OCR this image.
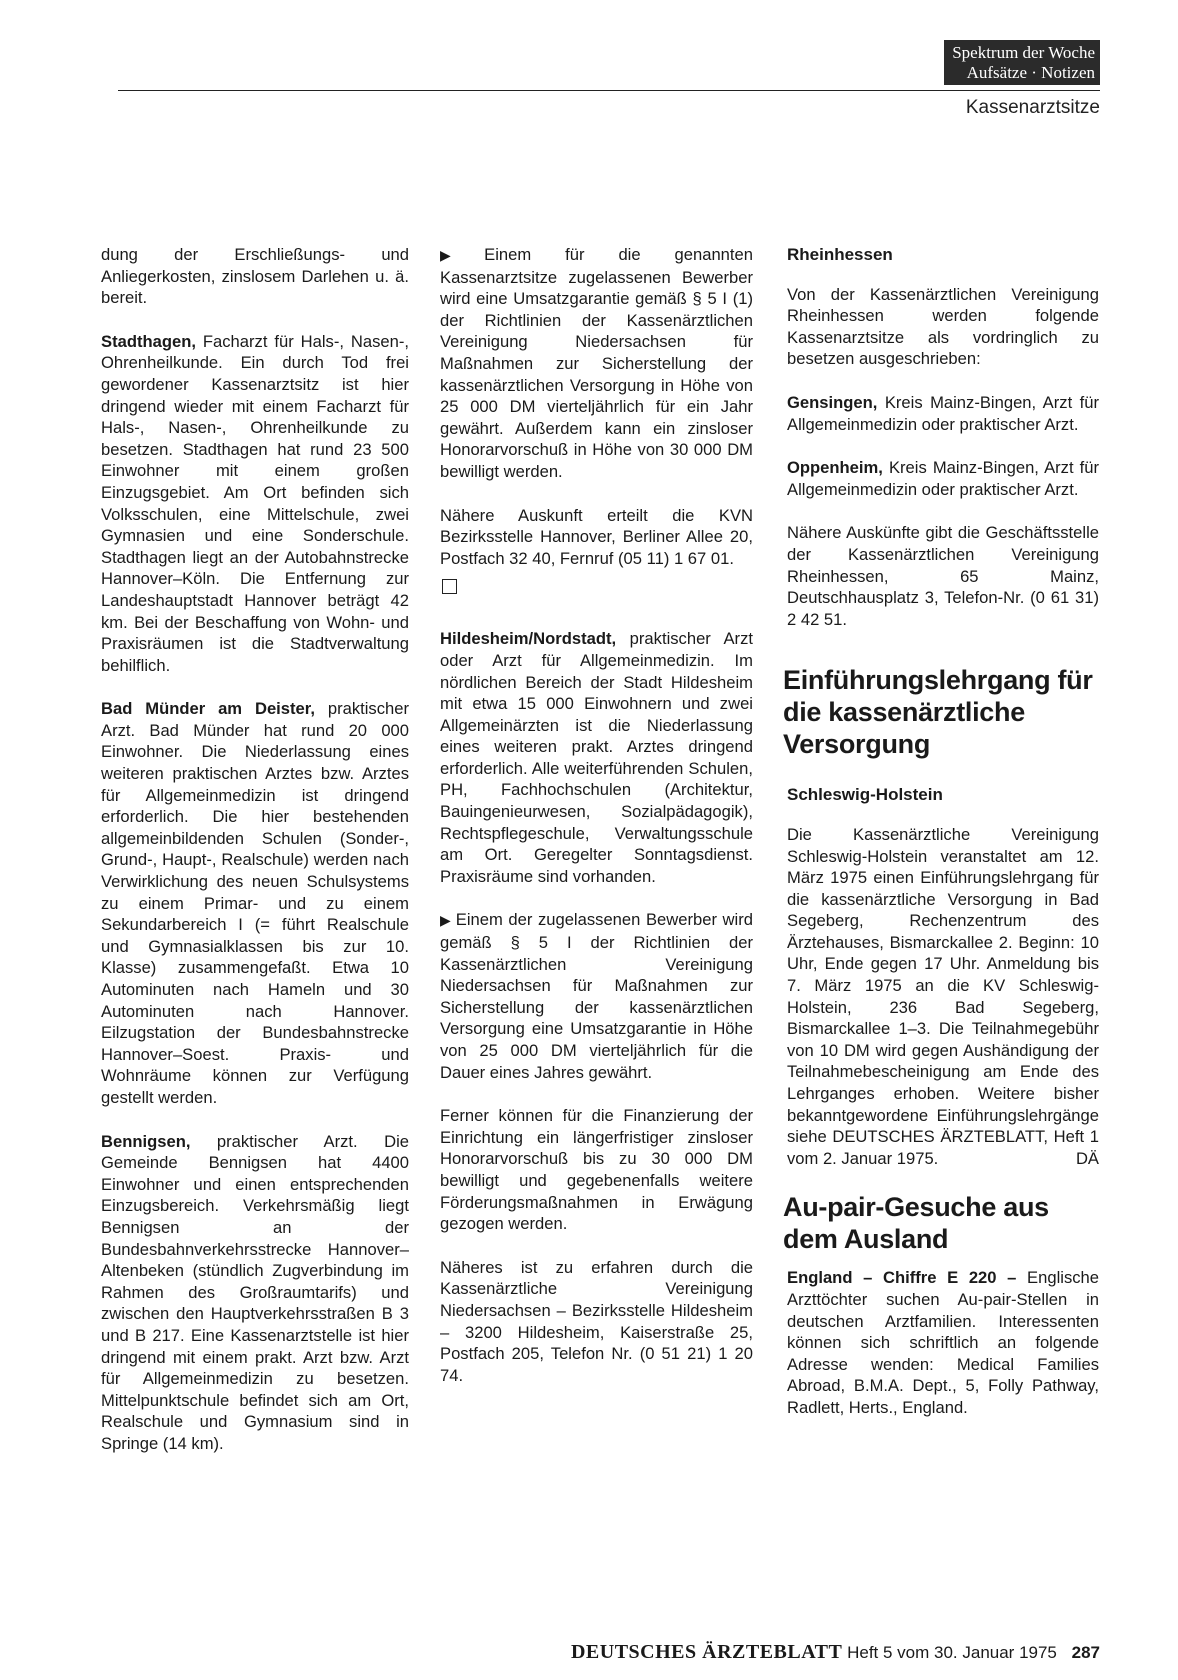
Spektrum der Woche
Aufsätze · Notizen
Kassenarztsitze

dung der Erschließungs- und Anliegerkosten, zinslosem Darlehen u. ä. bereit.

Stadthagen, Facharzt für Hals-, Nasen-, Ohrenheilkunde. Ein durch Tod frei gewordener Kassenarztsitz ist hier dringend wieder mit einem Facharzt für Hals-, Nasen-, Ohrenheilkunde zu besetzen. Stadthagen hat rund 23 500 Einwohner mit einem großen Einzugsgebiet. Am Ort befinden sich Volksschulen, eine Mittelschule, zwei Gymnasien und eine Sonderschule. Stadthagen liegt an der Autobahnstrecke Hannover–Köln. Die Entfernung zur Landeshauptstadt Hannover beträgt 42 km. Bei der Beschaffung von Wohn- und Praxisräumen ist die Stadtverwaltung behilflich.

Bad Münder am Deister, praktischer Arzt. Bad Münder hat rund 20 000 Einwohner. Die Niederlassung eines weiteren praktischen Arztes bzw. Arztes für Allgemeinmedizin ist dringend erforderlich. Die hier bestehenden allgemeinbildenden Schulen (Sonder-, Grund-, Haupt-, Realschule) werden nach Verwirklichung des neuen Schulsystems zu einem Primar- und zu einem Sekundarbereich I (= führt Realschule und Gymnasialklassen bis zur 10. Klasse) zusammengefaßt. Etwa 10 Autominuten nach Hameln und 30 Autominuten nach Hannover. Eilzugstation der Bundesbahnstrecke Hannover–Soest. Praxis- und Wohnräume können zur Verfügung gestellt werden.

Bennigsen, praktischer Arzt. Die Gemeinde Bennigsen hat 4400 Einwohner und einen entsprechenden Einzugsbereich. Verkehrsmäßig liegt Bennigsen an der Bundesbahnverkehrsstrecke Hannover–Altenbeken (stündlich Zugverbindung im Rahmen des Großraumtarifs) und zwischen den Hauptverkehrsstraßen B 3 und B 217. Eine Kassenarztstelle ist hier dringend mit einem prakt. Arzt bzw. Arzt für Allgemeinmedizin zu besetzen. Mittelpunktschule befindet sich am Ort, Realschule und Gymnasium sind in Springe (14 km).

▶ Einem für die genannten Kassenarztsitze zugelassenen Bewerber wird eine Umsatzgarantie gemäß § 5 I (1) der Richtlinien der Kassenärztlichen Vereinigung Niedersachsen für Maßnahmen zur Sicherstellung der kassenärztlichen Versorgung in Höhe von 25 000 DM vierteljährlich für ein Jahr gewährt. Außerdem kann ein zinsloser Honorarvorschuß in Höhe von 30 000 DM bewilligt werden.

Nähere Auskunft erteilt die KVN Bezirksstelle Hannover, Berliner Allee 20, Postfach 32 40, Fernruf (05 11) 1 67 01.

Hildesheim/Nordstadt, praktischer Arzt oder Arzt für Allgemeinmedizin. Im nördlichen Bereich der Stadt Hildesheim mit etwa 15 000 Einwohnern und zwei Allgemeinärzten ist die Niederlassung eines weiteren prakt. Arztes dringend erforderlich. Alle weiterführenden Schulen, PH, Fachhochschulen (Architektur, Bauingenieurwesen, Sozialpädagogik), Rechtspflegeschule, Verwaltungsschule am Ort. Geregelter Sonntagsdienst. Praxisräume sind vorhanden.

▶ Einem der zugelassenen Bewerber wird gemäß § 5 I der Richtlinien der Kassenärztlichen Vereinigung Niedersachsen für Maßnahmen zur Sicherstellung der kassenärztlichen Versorgung eine Umsatzgarantie in Höhe von 25 000 DM vierteljährlich für die Dauer eines Jahres gewährt.

Ferner können für die Finanzierung der Einrichtung ein längerfristiger zinsloser Honorarvorschuß bis zu 30 000 DM bewilligt und gegebenenfalls weitere Förderungsmaßnahmen in Erwägung gezogen werden.

Näheres ist zu erfahren durch die Kassenärztliche Vereinigung Niedersachsen – Bezirksstelle Hildesheim – 3200 Hildesheim, Kaiserstraße 25, Postfach 205, Telefon Nr. (0 51 21) 1 20 74.

Rheinhessen

Von der Kassenärztlichen Vereinigung Rheinhessen werden folgende Kassenarztsitze als vordringlich zu besetzen ausgeschrieben:

Gensingen, Kreis Mainz-Bingen, Arzt für Allgemeinmedizin oder praktischer Arzt.

Oppenheim, Kreis Mainz-Bingen, Arzt für Allgemeinmedizin oder praktischer Arzt.

Nähere Auskünfte gibt die Geschäftsstelle der Kassenärztlichen Vereinigung Rheinhessen, 65 Mainz, Deutschhausplatz 3, Telefon-Nr. (0 61 31) 2 42 51.

Einführungslehrgang für die kassenärztliche Versorgung
Schleswig-Holstein

Die Kassenärztliche Vereinigung Schleswig-Holstein veranstaltet am 12. März 1975 einen Einführungslehrgang für die kassenärztliche Versorgung in Bad Segeberg, Rechenzentrum des Ärztehauses, Bismarckallee 2. Beginn: 10 Uhr, Ende gegen 17 Uhr. Anmeldung bis 7. März 1975 an die KV Schleswig-Holstein, 236 Bad Segeberg, Bismarckallee 1–3. Die Teilnahmegebühr von 10 DM wird gegen Aushändigung der Teilnahmebescheinigung am Ende des Lehrganges erhoben. Weitere bisher bekanntgewordene Einführungslehrgänge siehe DEUTSCHES ÄRZTEBLATT, Heft 1 vom 2. Januar 1975.	DÄ

Au-pair-Gesuche aus dem Ausland

England – Chiffre E 220 – Englische Arzttöchter suchen Au-pair-Stellen in deutschen Arztfamilien. Interessenten können sich schriftlich an folgende Adresse wenden: Medical Families Abroad, B.M.A. Dept., 5, Folly Pathway, Radlett, Herts., England.

DEUTSCHES ÄRZTEBLATT Heft 5 vom 30. Januar 1975 287
